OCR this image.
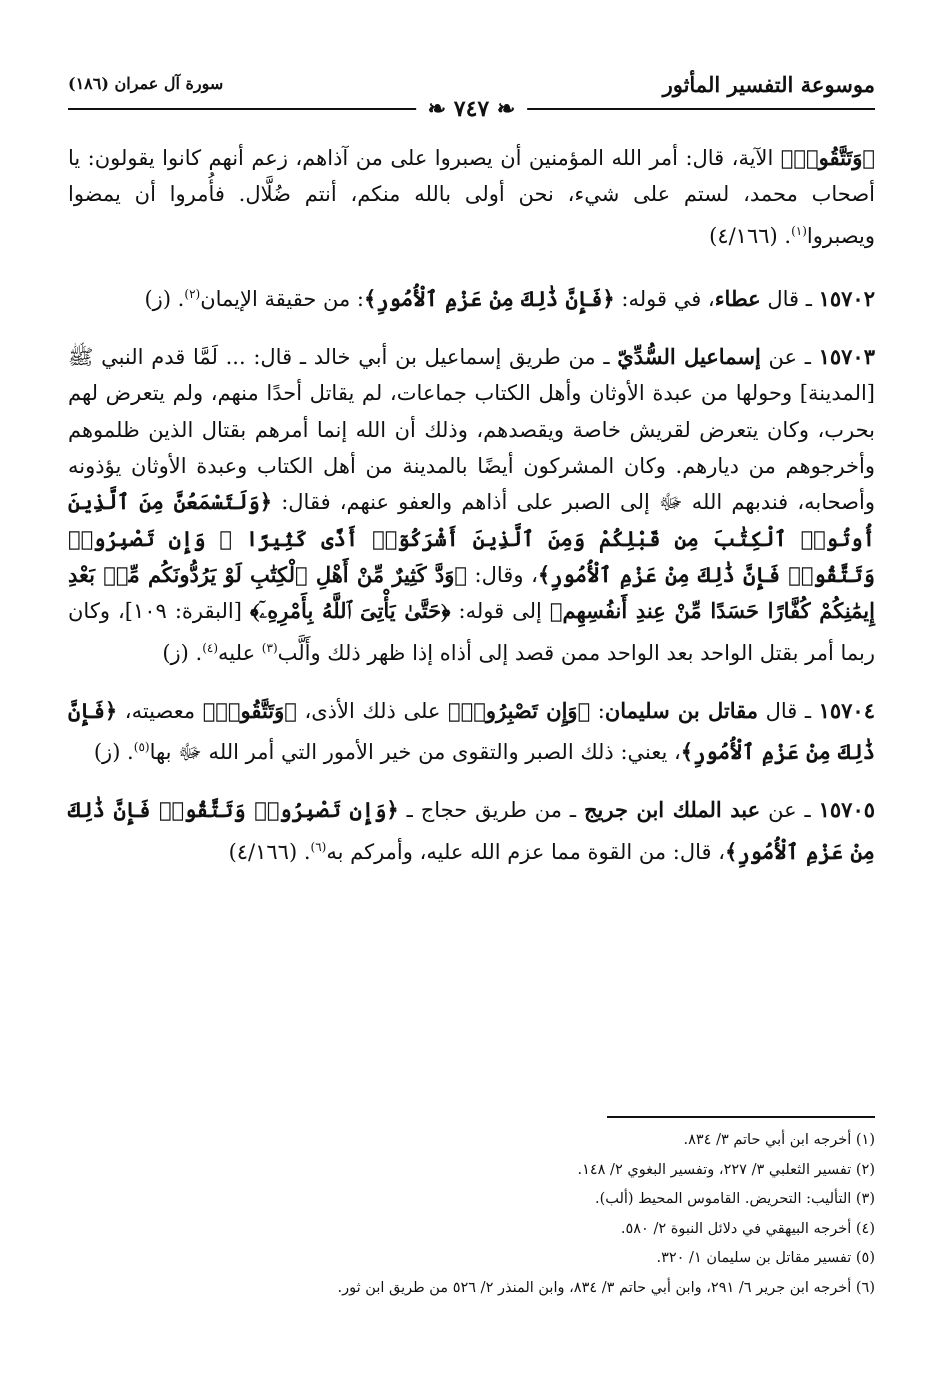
موسوعة التفسير المأثور
سورة آل عمران (١٨٦)
❧ ٧٤٧ ❧

﴿وَتَتَّقُوا۟﴾ الآية، قال: أمر الله المؤمنين أن يصبروا على من آذاهم، زعم أنهم كانوا يقولون: يا أصحاب محمد، لستم على شيء، نحن أولى بالله منكم، أنتم ضُلَّال. فأُمروا أن يمضوا ويصبروا$^{(١)}$. (٤/١٦٦)

١٥٧٠٢ ـ قال عطاء، في قوله: ﴿فَإِنَّ ذَٰلِكَ مِنْ عَزْمِ ٱلْأُمُورِ﴾: من حقيقة الإيمان$^{(٢)}$. (ز)

١٥٧٠٣ ـ عن إسماعيل السُّدِّيّ ـ من طريق إسماعيل بن أبي خالد ـ قال: ... لَمَّا قدم النبي ﷺ [المدينة] وحولها من عبدة الأوثان وأهل الكتاب جماعات، لم يقاتل أحدًا منهم، ولم يتعرض لهم بحرب، وكان يتعرض لقريش خاصة ويقصدهم، وذلك أن الله إنما أمرهم بقتال الذين ظلموهم وأخرجوهم من ديارهم. وكان المشركون أيضًا بالمدينة من أهل الكتاب وعبدة الأوثان يؤذونه وأصحابه، فندبهم الله ﷻ إلى الصبر على أذاهم والعفو عنهم، فقال: ﴿وَلَتَسْمَعُنَّ مِنَ ٱلَّذِينَ أُوتُوا۟ ٱلْكِتَٰبَ مِن قَبْلِكُمْ وَمِنَ ٱلَّذِينَ أَشْرَكُوٓا۟ أَذًى كَثِيرًا ۚ وَإِن تَصْبِرُوا۟ وَتَتَّقُوا۟ فَإِنَّ ذَٰلِكَ مِنْ عَزْمِ ٱلْأُمُورِ﴾، وقال: ﴿وَدَّ كَثِيرٌ مِّنْ أَهْلِ ٱلْكِتَٰبِ لَوْ يَرُدُّونَكُم مِّنۢ بَعْدِ إِيمَٰنِكُمْ كُفَّارًا حَسَدًا مِّنْ عِندِ أَنفُسِهِم﴾ إلى قوله: ﴿حَتَّىٰ يَأْتِىَ ٱللَّهُ بِأَمْرِهِۦٓ﴾ [البقرة: ١٠٩]، وكان ربما أمر بقتل الواحد بعد الواحد ممن قصد إلى أذاه إذا ظهر ذلك وأَلَّب$^{(٣)}$ عليه$^{(٤)}$. (ز)

١٥٧٠٤ ـ قال مقاتل بن سليمان: ﴿وَإِن تَصْبِرُوا۟﴾ على ذلك الأذى، ﴿وَتَتَّقُوا۟﴾ معصيته، ﴿فَإِنَّ ذَٰلِكَ مِنْ عَزْمِ ٱلْأُمُورِ﴾، يعني: ذلك الصبر والتقوى من خير الأمور التي أمر الله ﷻ بها$^{(٥)}$. (ز)

١٥٧٠٥ ـ عن عبد الملك ابن جريج ـ من طريق حجاج ـ ﴿وَإِن تَصْبِرُوا۟ وَتَتَّقُوا۟ فَإِنَّ ذَٰلِكَ مِنْ عَزْمِ ٱلْأُمُورِ﴾، قال: من القوة مما عزم الله عليه، وأمركم به$^{(٦)}$. (٤/١٦٦)

(١) أخرجه ابن أبي حاتم ٣/ ٨٣٤.
(٢) تفسير الثعلبي ٣/ ٢٢٧، وتفسير البغوي ٢/ ١٤٨.
(٣) التأليب: التحريض. القاموس المحيط (ألب).
(٤) أخرجه البيهقي في دلائل النبوة ٢/ ٥٨٠.
(٥) تفسير مقاتل بن سليمان ١/ ٣٢٠.
(٦) أخرجه ابن جرير ٦/ ٢٩١، وابن أبي حاتم ٣/ ٨٣٤، وابن المنذر ٢/ ٥٢٦ من طريق ابن ثور.
